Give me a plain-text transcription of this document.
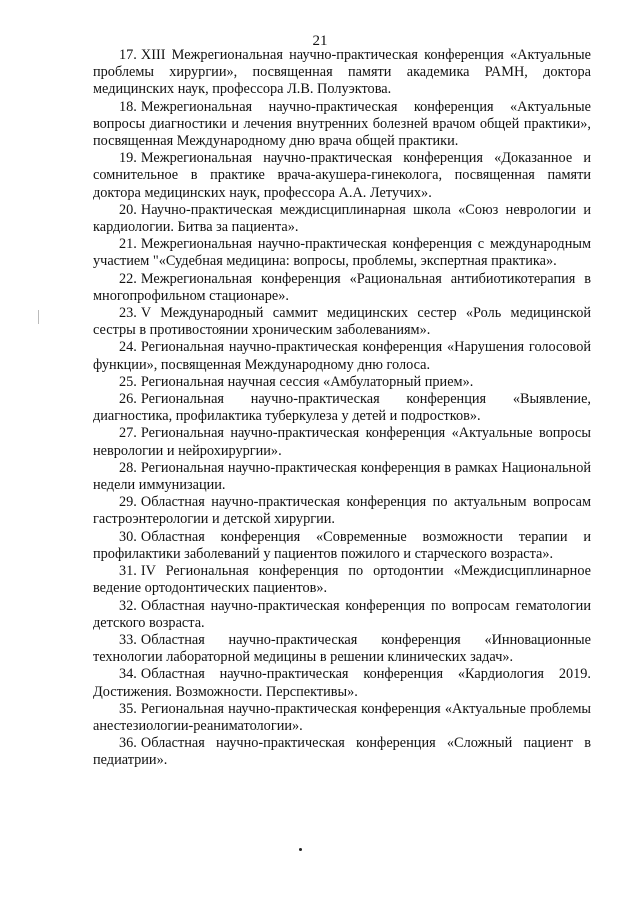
21

17. XIII Межрегиональная научно-практическая конференция «Актуальные проблемы хирургии», посвященная памяти академика РАМН, доктора медицинских наук, профессора Л.В. Полуэктова.

18. Межрегиональная научно-практическая конференция «Актуальные вопросы диагностики и лечения внутренних болезней врачом общей практики», посвященная Международному дню врача общей практики.

19. Межрегиональная научно-практическая конференция «Доказанное и сомнительное в практике врача-акушера-гинеколога, посвященная памяти доктора медицинских наук, профессора А.А. Летучих».

20. Научно-практическая междисциплинарная школа «Союз неврологии и кардиологии. Битва за пациента».

21. Межрегиональная научно-практическая конференция с международным участием "«Судебная медицина: вопросы, проблемы, экспертная практика».

22. Межрегиональная конференция «Рациональная антибиотикотерапия в многопрофильном стационаре».

23. V Международный саммит медицинских сестер «Роль медицинской сестры в противостоянии хроническим заболеваниям».

24. Региональная научно-практическая конференция «Нарушения голосовой функции», посвященная Международному дню голоса.

25. Региональная научная сессия «Амбулаторный прием».

26. Региональная научно-практическая конференция «Выявление, диагностика, профилактика туберкулеза у детей и подростков».

27. Региональная научно-практическая конференция «Актуальные вопросы неврологии и нейрохирургии».

28. Региональная научно-практическая конференция в рамках Национальной недели иммунизации.

29. Областная научно-практическая конференция по актуальным вопросам гастроэнтерологии и детской хирургии.

30. Областная конференция «Современные возможности терапии и профилактики заболеваний у пациентов пожилого и старческого возраста».

31. IV Региональная конференция по ортодонтии «Междисциплинарное ведение ортодонтических пациентов».

32. Областная научно-практическая конференция по вопросам гематологии детского возраста.

33. Областная научно-практическая конференция «Инновационные технологии лабораторной медицины в решении клинических задач».

34. Областная научно-практическая конференция «Кардиология 2019. Достижения. Возможности. Перспективы».

35. Региональная научно-практическая конференция «Актуальные проблемы анестезиологии-реаниматологии».

36. Областная научно-практическая конференция «Сложный пациент в педиатрии».
